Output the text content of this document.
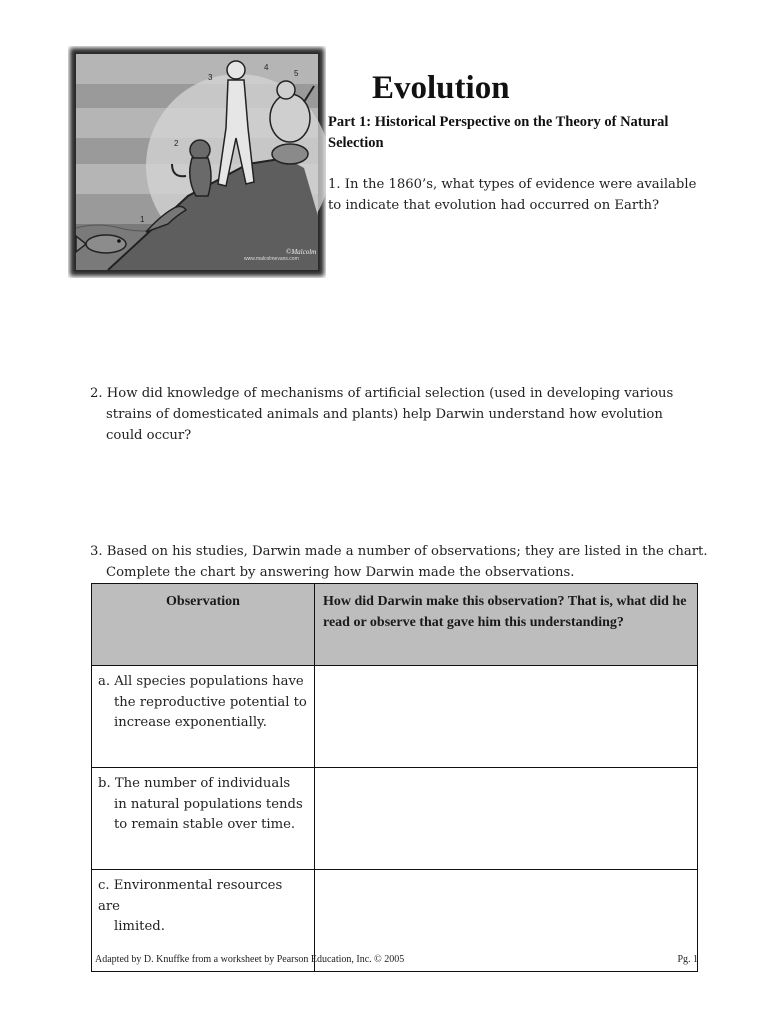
1
2
3
4
5
www.malcolmevans.com
©Malcolm
Evolution
Part 1: Historical Perspective on the Theory of Natural Selection
1. In the 1860’s, what types of evidence were available to indicate that evolution had occurred on Earth?
2. How did knowledge of mechanisms of artificial selection (used in developing various
strains of domesticated animals and plants) help Darwin understand how evolution
could occur?
3. Based on his studies, Darwin made a number of observations; they are listed in the chart.
Complete the chart by answering how Darwin made the observations.
Observation	How did Darwin make this observation? That is, what did he read or observe that gave him this understanding?

a. All species populations have
the reproductive potential to increase exponentially.	

b. The number of individuals
in natural populations tends to remain stable over time.	

c. Environmental resources are
limited.	

Adapted by D. Knuffke from a worksheet by Pearson Education, Inc. © 2005	Pg. 1
